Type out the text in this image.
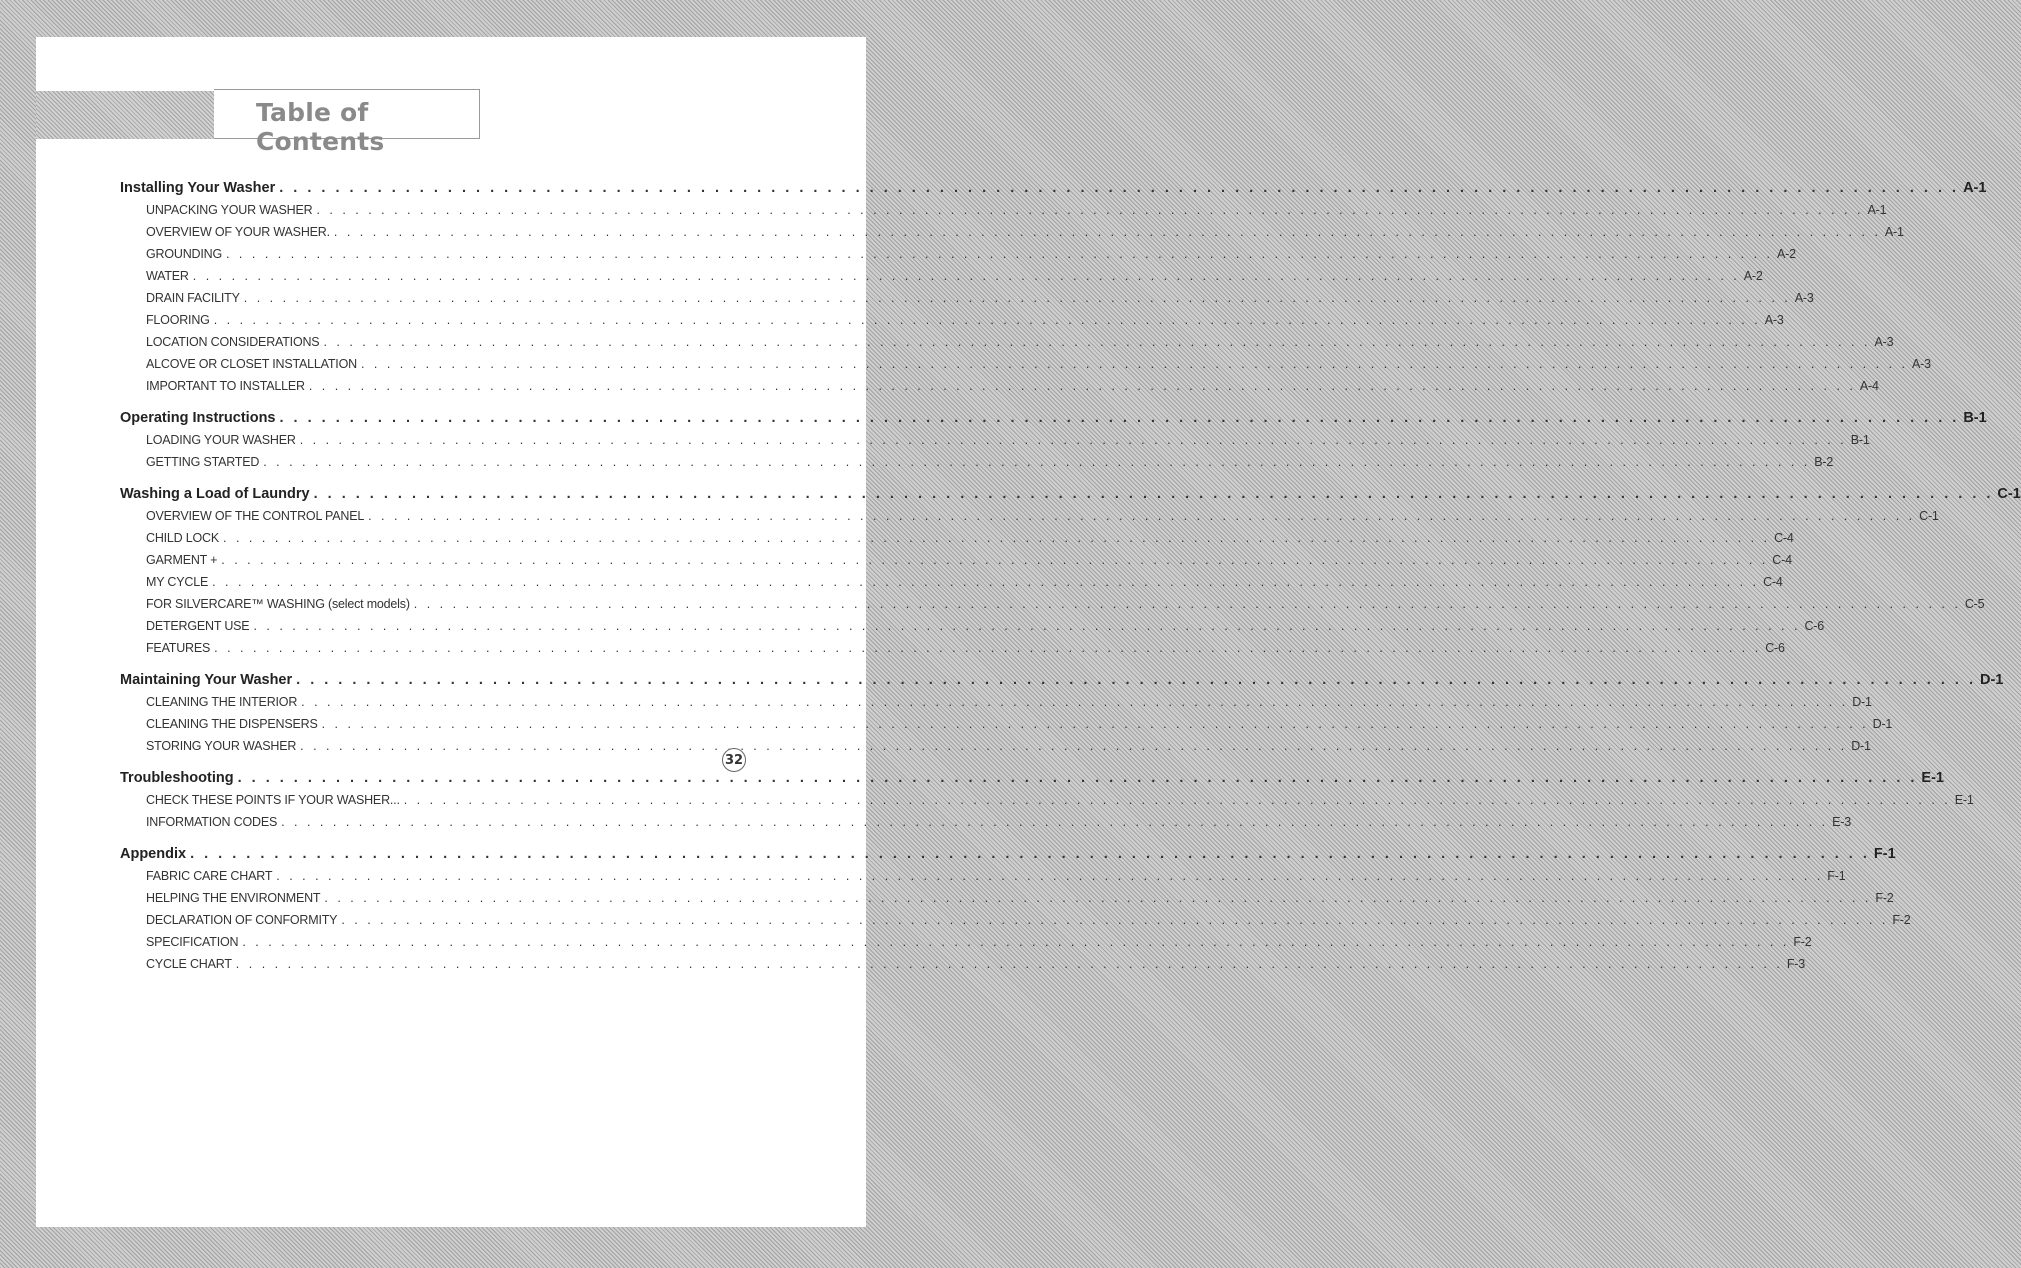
Table of Contents
Installing Your Washer . . . . . . . . . . . . . . . . . . . . . . . . . . . . . . . . . . . . . . . . . . . . . . . . . . . . . . . . . . . . . . . . . . . . . . . . . . . . . . . . . . . . . . . . . . . . . . . . . . . . . . . . . . . . . . . . . . . . . . . . A-1
UNPACKING YOUR WASHER . . . . . . . . . . . . . . . . . . . . . . . . . . . . . . . . . . . . . . . . . . . . . . . . . . . . . . . . . . . . . . . . . . . . . . . . . . . . . . . . . . . . . . . . . . . . . . . . . . . . . . . . . . . . . . . . . . . . . . . . A-1
OVERVIEW OF YOUR WASHER. . . . . . . . . . . . . . . . . . . . . . . . . . . . . . . . . . . . . . . . . . . . . . . . . . . . . . . . . . . . . . . . . . . . . . . . . . . . . . . . . . . . . . . . . . . . . . . . . . . . . . . . . . . . . . . . . . . . . . . . . A-1
GROUNDING . . . . . . . . . . . . . . . . . . . . . . . . . . . . . . . . . . . . . . . . . . . . . . . . . . . . . . . . . . . . . . . . . . . . . . . . . . . . . . . . . . . . . . . . . . . . . . . . . . . . . . . . . . . . . . . . . . . . . . . . A-2
WATER . . . . . . . . . . . . . . . . . . . . . . . . . . . . . . . . . . . . . . . . . . . . . . . . . . . . . . . . . . . . . . . . . . . . . . . . . . . . . . . . . . . . . . . . . . . . . . . . . . . . . . . . . . . . . . . . . . . . . . . . A-2
DRAIN FACILITY . . . . . . . . . . . . . . . . . . . . . . . . . . . . . . . . . . . . . . . . . . . . . . . . . . . . . . . . . . . . . . . . . . . . . . . . . . . . . . . . . . . . . . . . . . . . . . . . . . . . . . . . . . . . . . . . . . . . . . . . A-3
FLOORING . . . . . . . . . . . . . . . . . . . . . . . . . . . . . . . . . . . . . . . . . . . . . . . . . . . . . . . . . . . . . . . . . . . . . . . . . . . . . . . . . . . . . . . . . . . . . . . . . . . . . . . . . . . . . . . . . . . . . . . . A-3
LOCATION CONSIDERATIONS . . . . . . . . . . . . . . . . . . . . . . . . . . . . . . . . . . . . . . . . . . . . . . . . . . . . . . . . . . . . . . . . . . . . . . . . . . . . . . . . . . . . . . . . . . . . . . . . . . . . . . . . . . . . . . . . . . . . . . . . A-3
ALCOVE OR CLOSET INSTALLATION . . . . . . . . . . . . . . . . . . . . . . . . . . . . . . . . . . . . . . . . . . . . . . . . . . . . . . . . . . . . . . . . . . . . . . . . . . . . . . . . . . . . . . . . . . . . . . . . . . . . . . . . . . . . . . . . . . . . . . . . A-3
IMPORTANT TO INSTALLER . . . . . . . . . . . . . . . . . . . . . . . . . . . . . . . . . . . . . . . . . . . . . . . . . . . . . . . . . . . . . . . . . . . . . . . . . . . . . . . . . . . . . . . . . . . . . . . . . . . . . . . . . . . . . . . . . . . . . . . . A-4
Operating Instructions . . . . . . . . . . . . . . . . . . . . . . . . . . . . . . . . . . . . . . . . . . . . . . . . . . . . . . . . . . . . . . . . . . . . . . . . . . . . . . . . . . . . . . . . . . . . . . . . . . . . . . . . . . . . . . . . . . . . . . . . B-1
LOADING YOUR WASHER . . . . . . . . . . . . . . . . . . . . . . . . . . . . . . . . . . . . . . . . . . . . . . . . . . . . . . . . . . . . . . . . . . . . . . . . . . . . . . . . . . . . . . . . . . . . . . . . . . . . . . . . . . . . . . . . . . . . . . . . B-1
GETTING STARTED . . . . . . . . . . . . . . . . . . . . . . . . . . . . . . . . . . . . . . . . . . . . . . . . . . . . . . . . . . . . . . . . . . . . . . . . . . . . . . . . . . . . . . . . . . . . . . . . . . . . . . . . . . . . . . . . . . . . . . . . B-2
Washing a Load of Laundry . . . . . . . . . . . . . . . . . . . . . . . . . . . . . . . . . . . . . . . . . . . . . . . . . . . . . . . . . . . . . . . . . . . . . . . . . . . . . . . . . . . . . . . . . . . . . . . . . . . . . . . . . . . . . . . . . . . . . . . . C-1
OVERVIEW OF THE CONTROL PANEL . . . . . . . . . . . . . . . . . . . . . . . . . . . . . . . . . . . . . . . . . . . . . . . . . . . . . . . . . . . . . . . . . . . . . . . . . . . . . . . . . . . . . . . . . . . . . . . . . . . . . . . . . . . . . . . . . . . . . . . . C-1
CHILD LOCK . . . . . . . . . . . . . . . . . . . . . . . . . . . . . . . . . . . . . . . . . . . . . . . . . . . . . . . . . . . . . . . . . . . . . . . . . . . . . . . . . . . . . . . . . . . . . . . . . . . . . . . . . . . . . . . . . . . . . . . . C-4
GARMENT + . . . . . . . . . . . . . . . . . . . . . . . . . . . . . . . . . . . . . . . . . . . . . . . . . . . . . . . . . . . . . . . . . . . . . . . . . . . . . . . . . . . . . . . . . . . . . . . . . . . . . . . . . . . . . . . . . . . . . . . . C-4
MY CYCLE . . . . . . . . . . . . . . . . . . . . . . . . . . . . . . . . . . . . . . . . . . . . . . . . . . . . . . . . . . . . . . . . . . . . . . . . . . . . . . . . . . . . . . . . . . . . . . . . . . . . . . . . . . . . . . . . . . . . . . . . C-4
FOR SILVERCARE™ WASHING (select models) . . . . . . . . . . . . . . . . . . . . . . . . . . . . . . . . . . . . . . . . . . . . . . . . . . . . . . . . . . . . . . . . . . . . . . . . . . . . . . . . . . . . . . . . . . . . . . . . . . . . . . . . . . . . . . . . . . . . . . . . C-5
DETERGENT USE . . . . . . . . . . . . . . . . . . . . . . . . . . . . . . . . . . . . . . . . . . . . . . . . . . . . . . . . . . . . . . . . . . . . . . . . . . . . . . . . . . . . . . . . . . . . . . . . . . . . . . . . . . . . . . . . . . . . . . . . C-6
FEATURES . . . . . . . . . . . . . . . . . . . . . . . . . . . . . . . . . . . . . . . . . . . . . . . . . . . . . . . . . . . . . . . . . . . . . . . . . . . . . . . . . . . . . . . . . . . . . . . . . . . . . . . . . . . . . . . . . . . . . . . . C-6
Maintaining Your Washer . . . . . . . . . . . . . . . . . . . . . . . . . . . . . . . . . . . . . . . . . . . . . . . . . . . . . . . . . . . . . . . . . . . . . . . . . . . . . . . . . . . . . . . . . . . . . . . . . . . . . . . . . . . . . . . . . . . . . . . . D-1
CLEANING THE INTERIOR . . . . . . . . . . . . . . . . . . . . . . . . . . . . . . . . . . . . . . . . . . . . . . . . . . . . . . . . . . . . . . . . . . . . . . . . . . . . . . . . . . . . . . . . . . . . . . . . . . . . . . . . . . . . . . . . . . . . . . . . D-1
CLEANING THE DISPENSERS . . . . . . . . . . . . . . . . . . . . . . . . . . . . . . . . . . . . . . . . . . . . . . . . . . . . . . . . . . . . . . . . . . . . . . . . . . . . . . . . . . . . . . . . . . . . . . . . . . . . . . . . . . . . . . . . . . . . . . . . D-1
STORING YOUR WASHER . . . . . . . . . . . . . . . . . . . . . . . . . . . . . . . . . . . . . . . . . . . . . . . . . . . . . . . . . . . . . . . . . . . . . . . . . . . . . . . . . . . . . . . . . . . . . . . . . . . . . . . . . . . . . . . . . . . . . . . . D-1
Troubleshooting . . . . . . . . . . . . . . . . . . . . . . . . . . . . . . . . . . . . . . . . . . . . . . . . . . . . . . . . . . . . . . . . . . . . . . . . . . . . . . . . . . . . . . . . . . . . . . . . . . . . . . . . . . . . . . . . . . . . . . . . E-1
CHECK THESE POINTS IF YOUR WASHER... . . . . . . . . . . . . . . . . . . . . . . . . . . . . . . . . . . . . . . . . . . . . . . . . . . . . . . . . . . . . . . . . . . . . . . . . . . . . . . . . . . . . . . . . . . . . . . . . . . . . . . . . . . . . . . . . . . . . . . . . E-1
INFORMATION CODES . . . . . . . . . . . . . . . . . . . . . . . . . . . . . . . . . . . . . . . . . . . . . . . . . . . . . . . . . . . . . . . . . . . . . . . . . . . . . . . . . . . . . . . . . . . . . . . . . . . . . . . . . . . . . . . . . . . . . . . . E-3
Appendix . . . . . . . . . . . . . . . . . . . . . . . . . . . . . . . . . . . . . . . . . . . . . . . . . . . . . . . . . . . . . . . . . . . . . . . . . . . . . . . . . . . . . . . . . . . . . . . . . . . . . . . . . . . . . . . . . . . . . . . . F-1
FABRIC CARE CHART . . . . . . . . . . . . . . . . . . . . . . . . . . . . . . . . . . . . . . . . . . . . . . . . . . . . . . . . . . . . . . . . . . . . . . . . . . . . . . . . . . . . . . . . . . . . . . . . . . . . . . . . . . . . . . . . . . . . . . . . F-1
HELPING THE ENVIRONMENT . . . . . . . . . . . . . . . . . . . . . . . . . . . . . . . . . . . . . . . . . . . . . . . . . . . . . . . . . . . . . . . . . . . . . . . . . . . . . . . . . . . . . . . . . . . . . . . . . . . . . . . . . . . . . . . . . . . . . . . . F-2
DECLARATION OF CONFORMITY . . . . . . . . . . . . . . . . . . . . . . . . . . . . . . . . . . . . . . . . . . . . . . . . . . . . . . . . . . . . . . . . . . . . . . . . . . . . . . . . . . . . . . . . . . . . . . . . . . . . . . . . . . . . . . . . . . . . . . . . F-2
SPECIFICATION . . . . . . . . . . . . . . . . . . . . . . . . . . . . . . . . . . . . . . . . . . . . . . . . . . . . . . . . . . . . . . . . . . . . . . . . . . . . . . . . . . . . . . . . . . . . . . . . . . . . . . . . . . . . . . . . . . . . . . . . F-2
CYCLE CHART . . . . . . . . . . . . . . . . . . . . . . . . . . . . . . . . . . . . . . . . . . . . . . . . . . . . . . . . . . . . . . . . . . . . . . . . . . . . . . . . . . . . . . . . . . . . . . . . . . . . . . . . . . . . . . . . . . . . . . . . F-3
32
